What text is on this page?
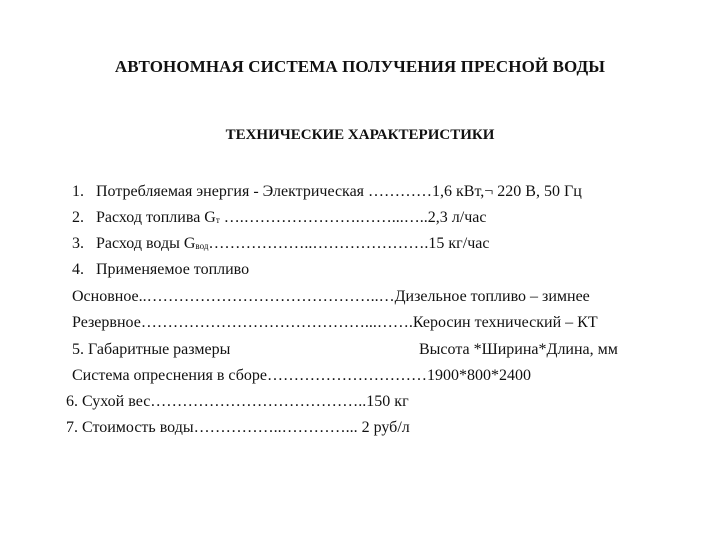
АВТОНОМНАЯ СИСТЕМА ПОЛУЧЕНИЯ ПРЕСНОЙ ВОДЫ
ТЕХНИЧЕСКИЕ ХАРАКТЕРИСТИКИ
1. Потребляемая энергия - Электрическая …………1,6 кВт,¬ 220 В, 50 Гц
2. Расход топлива Gт ….………………….……...…..2,3 л/час
3. Расход воды Gвод………………..………………….15 кг/час
4. Применяемое топливо
Основное..……………………………………..…Дизельное топливо – зимнее
Резервное……………………………………...…….Керосин технический – КТ
5. Габаритные размеры	Высота *Ширина*Длина, мм
Система опреснения в сборе…………………………1900*800*2400
6. Сухой вес…………………………………..150 кг
7. Стоимость воды……………..…………... 2 руб/л
